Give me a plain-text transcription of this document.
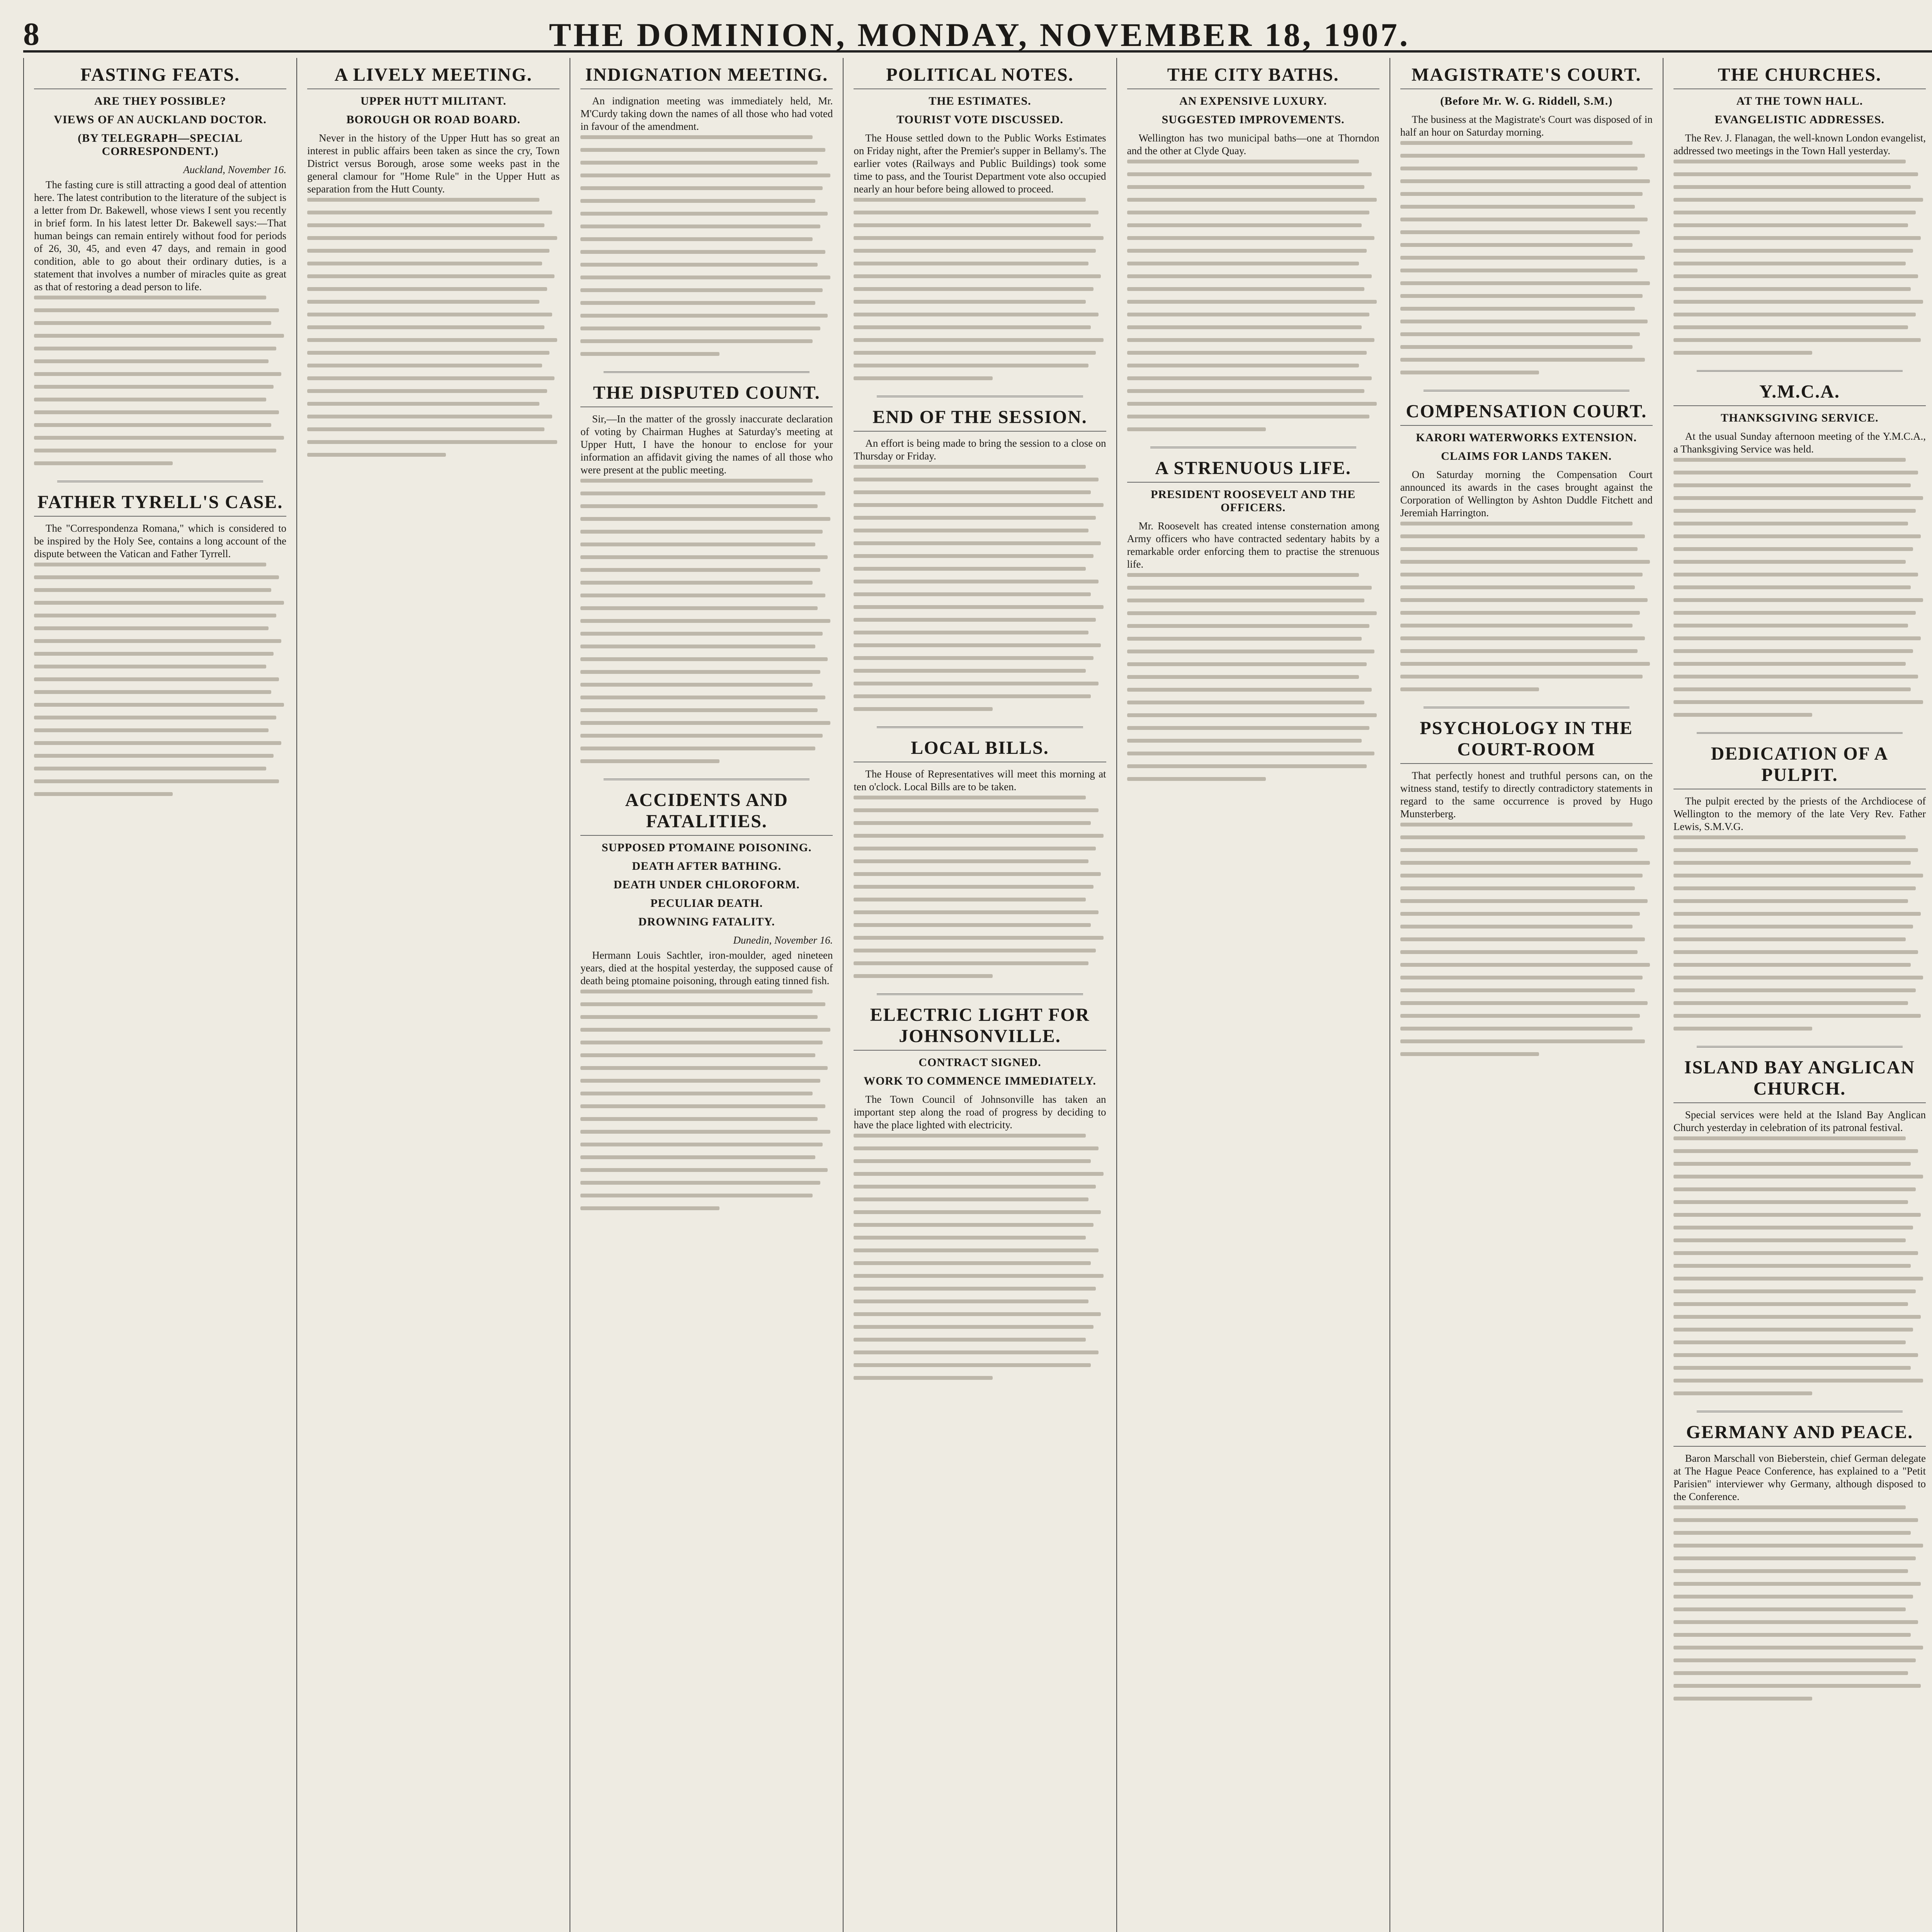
8	THE DOMINION, MONDAY, NOVEMBER 18, 1907.
FASTING FEATS.
ARE THEY POSSIBLE?
VIEWS OF AN AUCKLAND DOCTOR.
(BY TELEGRAPH—SPECIAL CORRESPONDENT.)
Auckland, November 16.

The fasting cure is still attracting a good deal of attention here. The latest contribution to the literature of the subject is a letter from Dr. Bakewell, whose views I sent you recently in brief form. In his latest letter Dr. Bakewell says:—That human beings can remain entirely without food for periods of 26, 30, 45, and even 47 days, and remain in good condition, able to go about their ordinary duties, is a statement that involves a number of miracles quite as great as that of restoring a dead person to life.

FATHER TYRELL'S CASE.

The "Correspondenza Romana," which is considered to be inspired by the Holy See, contains a long account of the dispute between the Vatican and Father Tyrrell.

A LIVELY MEETING.
UPPER HUTT MILITANT.
BOROUGH OR ROAD BOARD.

Never in the history of the Upper Hutt has so great an interest in public affairs been taken as since the cry, Town District versus Borough, arose some weeks past in the general clamour for "Home Rule" in the Upper Hutt as separation from the Hutt County.

INDIGNATION MEETING.

An indignation meeting was immediately held, Mr. M'Curdy taking down the names of all those who had voted in favour of the amendment.

THE DISPUTED COUNT.

Sir,—In the matter of the grossly inaccurate declaration of voting by Chairman Hughes at Saturday's meeting at Upper Hutt, I have the honour to enclose for your information an affidavit giving the names of all those who were present at the public meeting.

ACCIDENTS AND FATALITIES.
SUPPOSED PTOMAINE POISONING.
DEATH AFTER BATHING.
DEATH UNDER CHLOROFORM.
PECULIAR DEATH.
DROWNING FATALITY.
Dunedin, November 16.

Hermann Louis Sachtler, iron-moulder, aged nineteen years, died at the hospital yesterday, the supposed cause of death being ptomaine poisoning, through eating tinned fish.

POLITICAL NOTES.
THE ESTIMATES.
TOURIST VOTE DISCUSSED.

The House settled down to the Public Works Estimates on Friday night, after the Premier's supper in Bellamy's. The earlier votes (Railways and Public Buildings) took some time to pass, and the Tourist Department vote also occupied nearly an hour before being allowed to proceed.

END OF THE SESSION.

An effort is being made to bring the session to a close on Thursday or Friday.

LOCAL BILLS.

The House of Representatives will meet this morning at ten o'clock. Local Bills are to be taken.

ELECTRIC LIGHT FOR JOHNSONVILLE.
CONTRACT SIGNED.
WORK TO COMMENCE IMMEDIATELY.

The Town Council of Johnsonville has taken an important step along the road of progress by deciding to have the place lighted with electricity.

THE CITY BATHS.
AN EXPENSIVE LUXURY.
SUGGESTED IMPROVEMENTS.

Wellington has two municipal baths—one at Thorndon and the other at Clyde Quay.

A STRENUOUS LIFE.
PRESIDENT ROOSEVELT AND THE OFFICERS.

Mr. Roosevelt has created intense consternation among Army officers who have contracted sedentary habits by a remarkable order enforcing them to practise the strenuous life.

MAGISTRATE'S COURT.
(Before Mr. W. G. Riddell, S.M.)

The business at the Magistrate's Court was disposed of in half an hour on Saturday morning.

COMPENSATION COURT.
KARORI WATERWORKS EXTENSION.
CLAIMS FOR LANDS TAKEN.

On Saturday morning the Compensation Court announced its awards in the cases brought against the Corporation of Wellington by Ashton Duddle Fitchett and Jeremiah Harrington.

PSYCHOLOGY IN THE COURT-ROOM

That perfectly honest and truthful persons can, on the witness stand, testify to directly contradictory statements in regard to the same occurrence is proved by Hugo Munsterberg.

THE CHURCHES.
AT THE TOWN HALL.
EVANGELISTIC ADDRESSES.

The Rev. J. Flanagan, the well-known London evangelist, addressed two meetings in the Town Hall yesterday.

Y.M.C.A.
THANKSGIVING SERVICE.

At the usual Sunday afternoon meeting of the Y.M.C.A., a Thanksgiving Service was held.

DEDICATION OF A PULPIT.

The pulpit erected by the priests of the Archdiocese of Wellington to the memory of the late Very Rev. Father Lewis, S.M.V.G.

ISLAND BAY ANGLICAN CHURCH.

Special services were held at the Island Bay Anglican Church yesterday in celebration of its patronal festival.

GERMANY AND PEACE.

Baron Marschall von Bieberstein, chief German delegate at The Hague Peace Conference, has explained to a "Petit Parisien" interviewer why Germany, although disposed to the Conference.
